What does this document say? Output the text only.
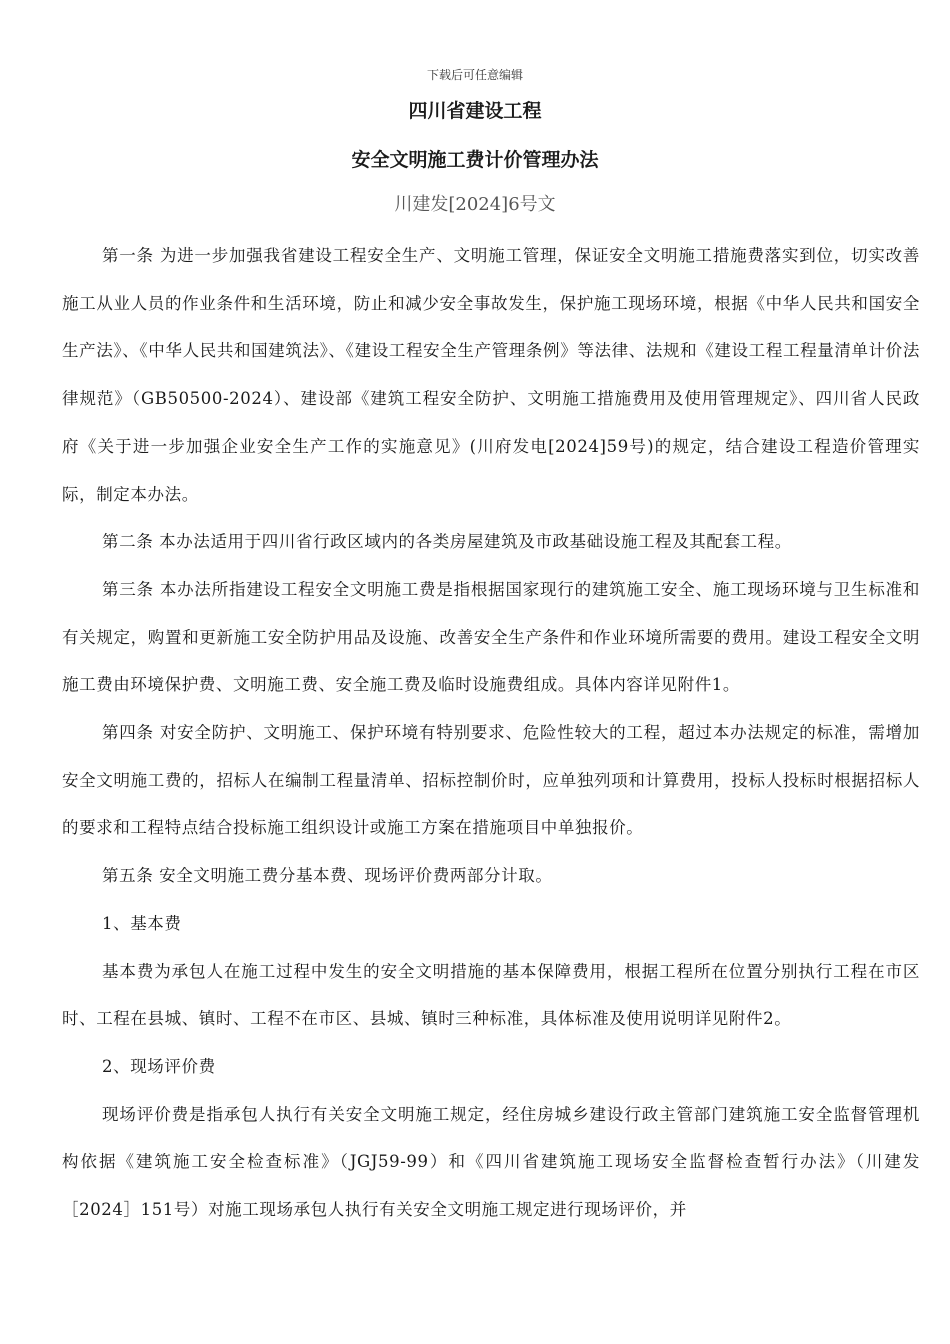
下载后可任意编辑
四川省建设工程
安全文明施工费计价管理办法
川建发[2024]6号文

第一条 为进一步加强我省建设工程安全生产、文明施工管理，保证安全文明施工措施费落实到位，切实改善施工从业人员的作业条件和生活环境，防止和减少安全事故发生，保护施工现场环境，根据《中华人民共和国安全生产法》、《中华人民共和国建筑法》、《建设工程安全生产管理条例》等法律、法规和《建设工程工程量清单计价法律规范》（GB50500-2024）、建设部《建筑工程安全防护、文明施工措施费用及使用管理规定》、四川省人民政府《关于进一步加强企业安全生产工作的实施意见》(川府发电[2024]59号)的规定，结合建设工程造价管理实际，制定本办法。

第二条 本办法适用于四川省行政区域内的各类房屋建筑及市政基础设施工程及其配套工程。

第三条 本办法所指建设工程安全文明施工费是指根据国家现行的建筑施工安全、施工现场环境与卫生标准和有关规定，购置和更新施工安全防护用品及设施、改善安全生产条件和作业环境所需要的费用。建设工程安全文明施工费由环境保护费、文明施工费、安全施工费及临时设施费组成。具体内容详见附件1。

第四条 对安全防护、文明施工、保护环境有特别要求、危险性较大的工程，超过本办法规定的标准，需增加安全文明施工费的，招标人在编制工程量清单、招标控制价时，应单独列项和计算费用，投标人投标时根据招标人的要求和工程特点结合投标施工组织设计或施工方案在措施项目中单独报价。

第五条 安全文明施工费分基本费、现场评价费两部分计取。

1、基本费

基本费为承包人在施工过程中发生的安全文明措施的基本保障费用，根据工程所在位置分别执行工程在市区时、工程在县城、镇时、工程不在市区、县城、镇时三种标准，具体标准及使用说明详见附件2。

2、现场评价费

现场评价费是指承包人执行有关安全文明施工规定，经住房城乡建设行政主管部门建筑施工安全监督管理机构依据《建筑施工安全检查标准》（JGJ59-99）和《四川省建筑施工现场安全监督检查暂行办法》（川建发［2024］151号）对施工现场承包人执行有关安全文明施工规定进行现场评价，并
